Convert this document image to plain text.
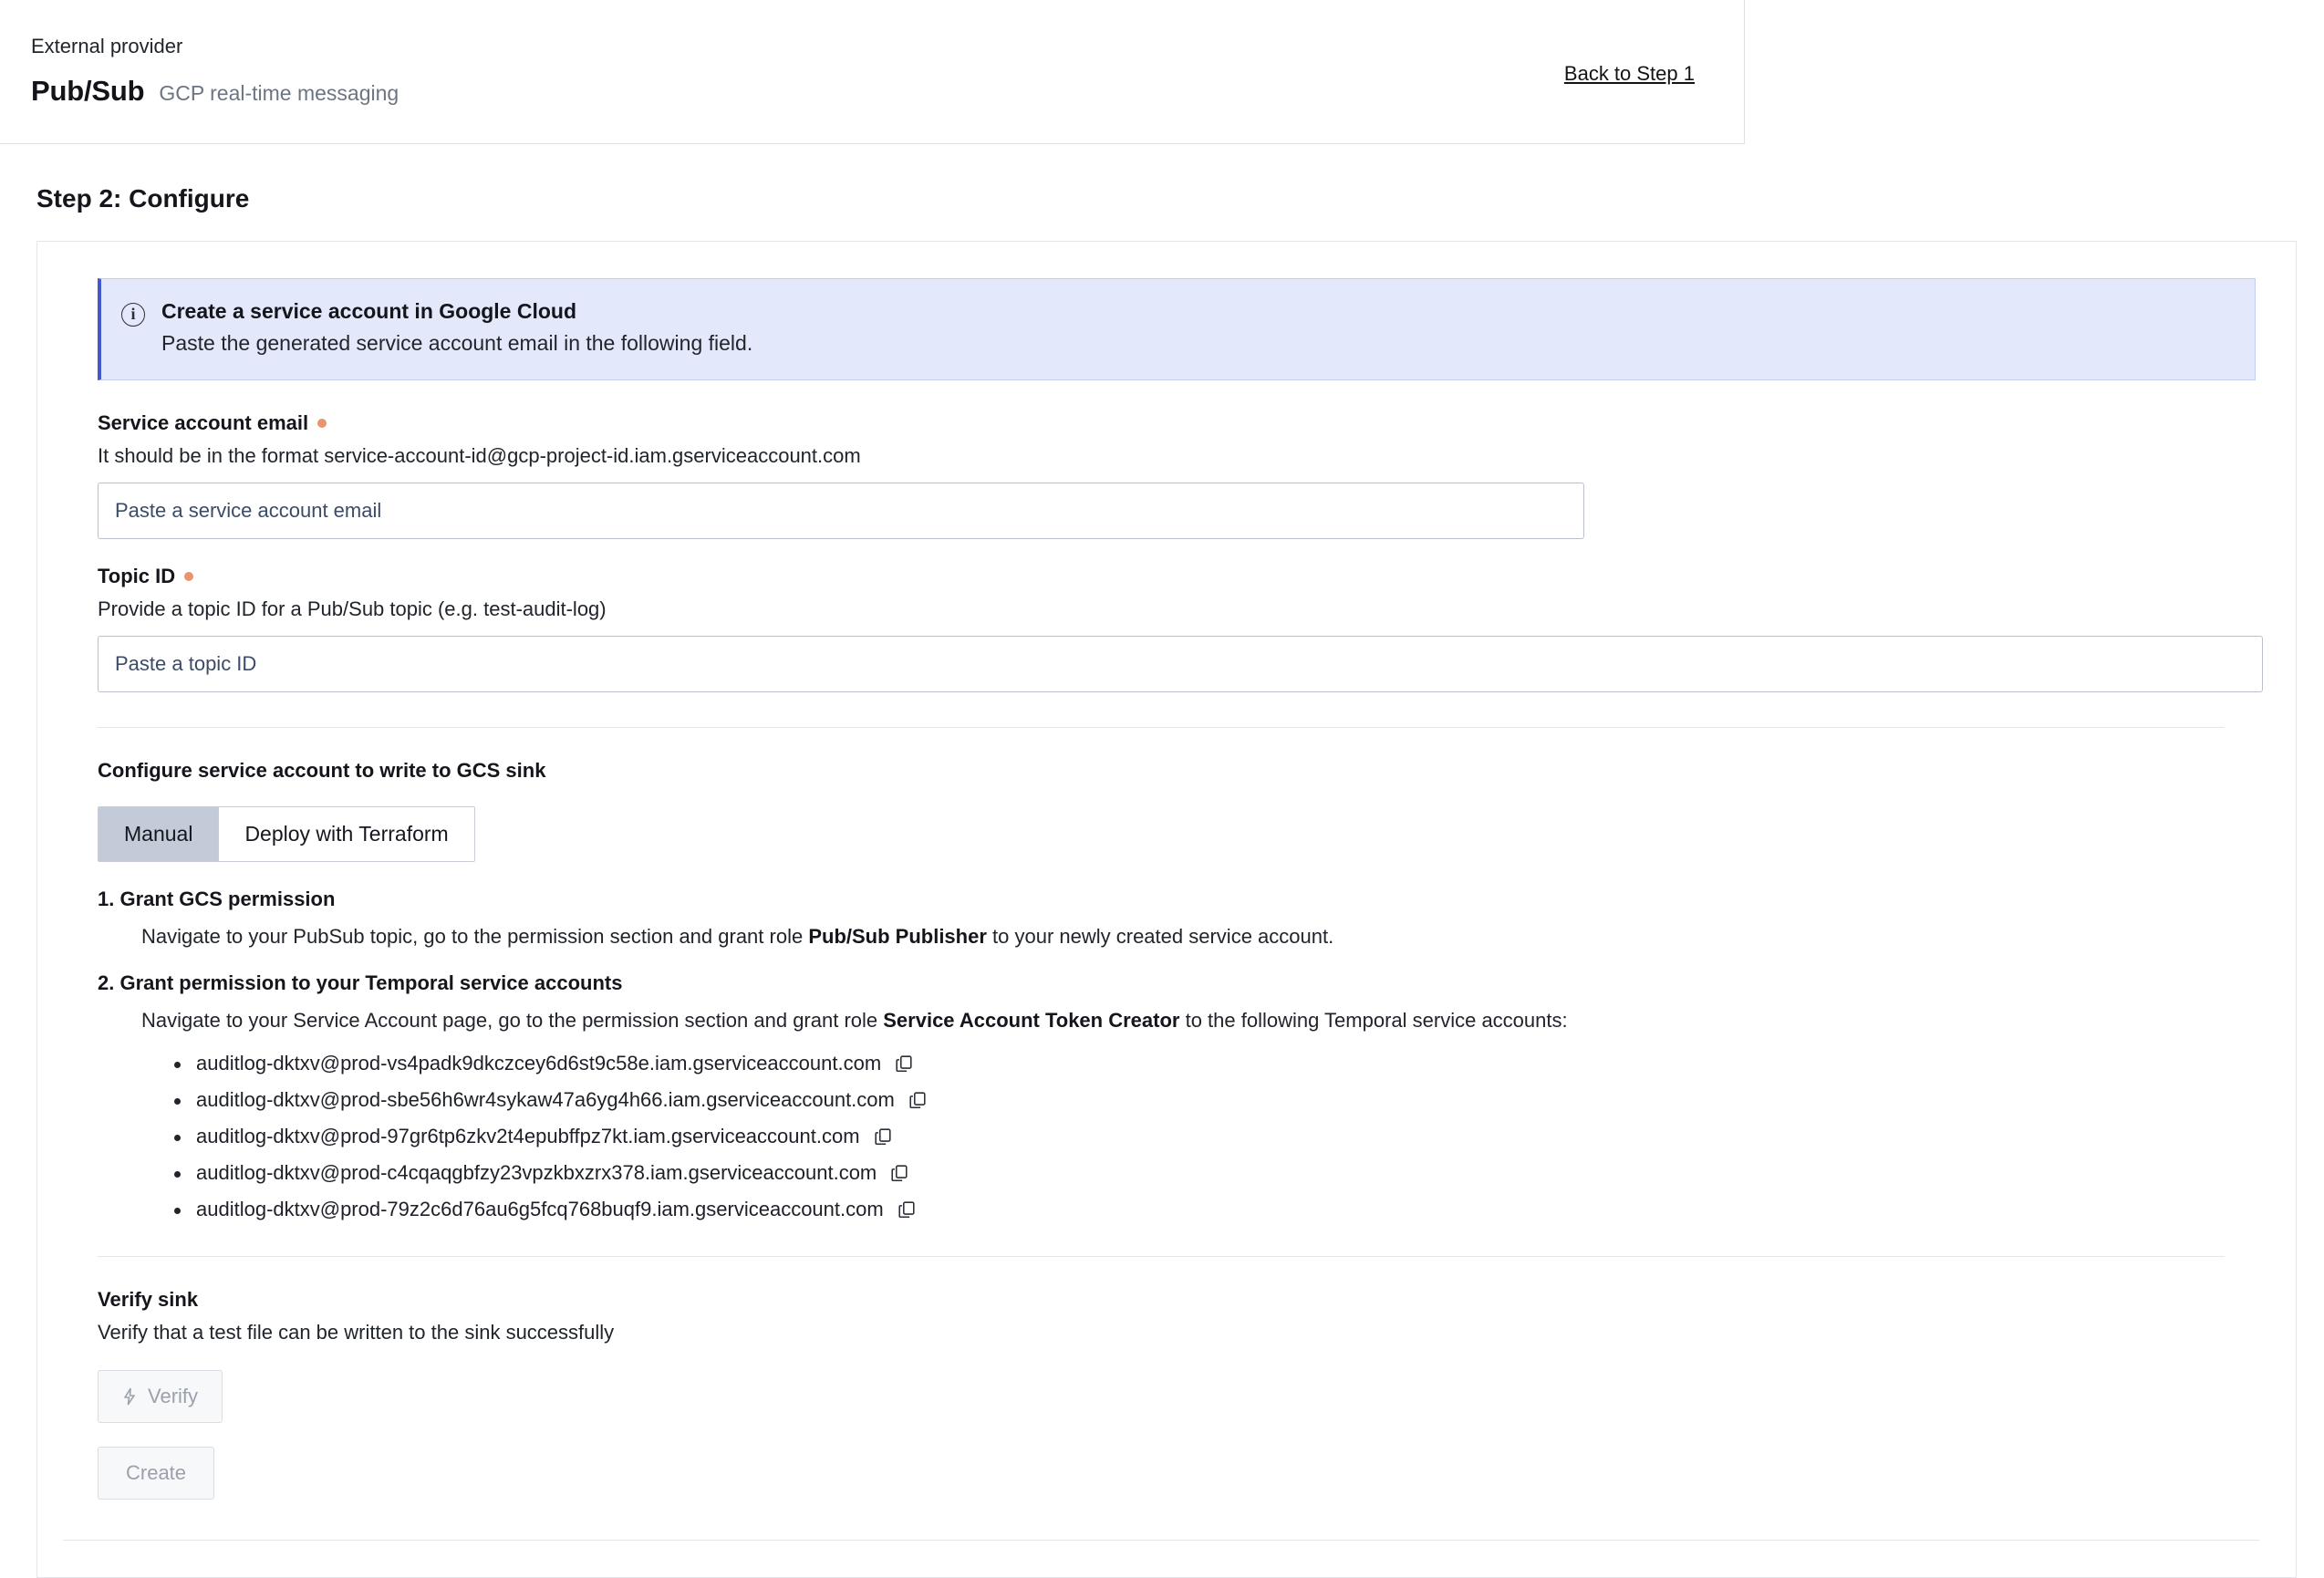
External provider
Pub/Sub GCP real-time messaging
Back to Step 1
Step 2: Configure
i	Create a service account in Google Cloud
Paste the generated service account email in the following field.
Service account email
It should be in the format service-account-id@gcp-project-id.iam.gserviceaccount.com
Paste a service account email
Topic ID
Provide a topic ID for a Pub/Sub topic (e.g. test-audit-log)
Paste a topic ID
Configure service account to write to GCS sink
Manual	Deploy with Terraform
1. Grant GCS permission
Navigate to your PubSub topic, go to the permission section and grant role Pub/Sub Publisher to your newly created service account.
2. Grant permission to your Temporal service accounts
Navigate to your Service Account page, go to the permission section and grant role Service Account Token Creator to the following Temporal service accounts:
auditlog-dktxv@prod-vs4padk9dkczcey6d6st9c58e.iam.gserviceaccount.com
auditlog-dktxv@prod-sbe56h6wr4sykaw47a6yg4h66.iam.gserviceaccount.com
auditlog-dktxv@prod-97gr6tp6zkv2t4epubffpz7kt.iam.gserviceaccount.com
auditlog-dktxv@prod-c4cqaqgbfzy23vpzkbxzrx378.iam.gserviceaccount.com
auditlog-dktxv@prod-79z2c6d76au6g5fcq768buqf9.iam.gserviceaccount.com
Verify sink
Verify that a test file can be written to the sink successfully
Verify
Create
